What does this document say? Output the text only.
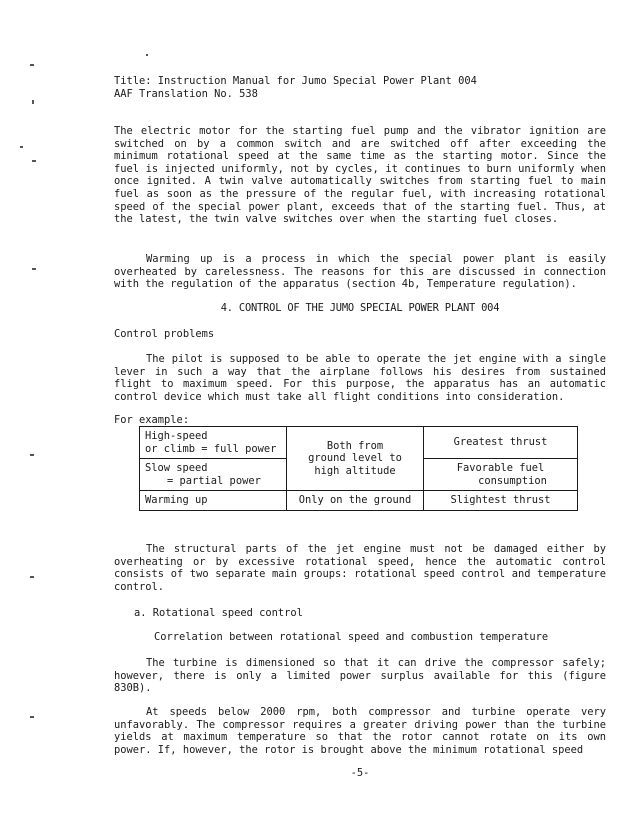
Title: Instruction Manual for Jumo Special Power Plant 004
AAF Translation No. 538

The electric motor for the starting fuel pump and the vibrator ignition are switched on by a common switch and are switched off after exceeding the minimum rotational speed at the same time as the starting motor. Since the fuel is injected uniformly, not by cycles, it continues to burn uniformly when once ignited. A twin valve automatically switches from starting fuel to main fuel as soon as the pressure of the regular fuel, with increasing rotational speed of the special power plant, exceeds that of the starting fuel. Thus, at the latest, the twin valve switches over when the starting fuel closes.

Warming up is a process in which the special power plant is easily overheated by carelessness. The reasons for this are discussed in connection with the regulation of the apparatus (section 4b, Temperature regulation).

4. CONTROL OF THE JUMO SPECIAL POWER PLANT 004
Control problems

The pilot is supposed to be able to operate the jet engine with a single lever in such a way that the airplane follows his desires from sustained flight to maximum speed. For this purpose, the apparatus has an automatic control device which must take all flight conditions into consideration.

For example:
High-speed
or climb = full power	Both from
ground level to
high altitude	Greatest thrust

Slow speed
= partial power		Favorable fuel
consumption

Warming up	Only on the ground	Slightest thrust

The structural parts of the jet engine must not be damaged either by overheating or by excessive rotational speed, hence the automatic control consists of two separate main groups: rotational speed control and temperature control.

a. Rotational speed control
Correlation between rotational speed and combustion temperature

The turbine is dimensioned so that it can drive the compressor safely; however, there is only a limited power surplus available for this (figure 830B).

At speeds below 2000 rpm, both compressor and turbine operate very unfavorably. The compressor requires a greater driving power than the turbine yields at maximum temperature so that the rotor cannot rotate on its own power. If, however, the rotor is brought above the minimum rotational speed

-5-
